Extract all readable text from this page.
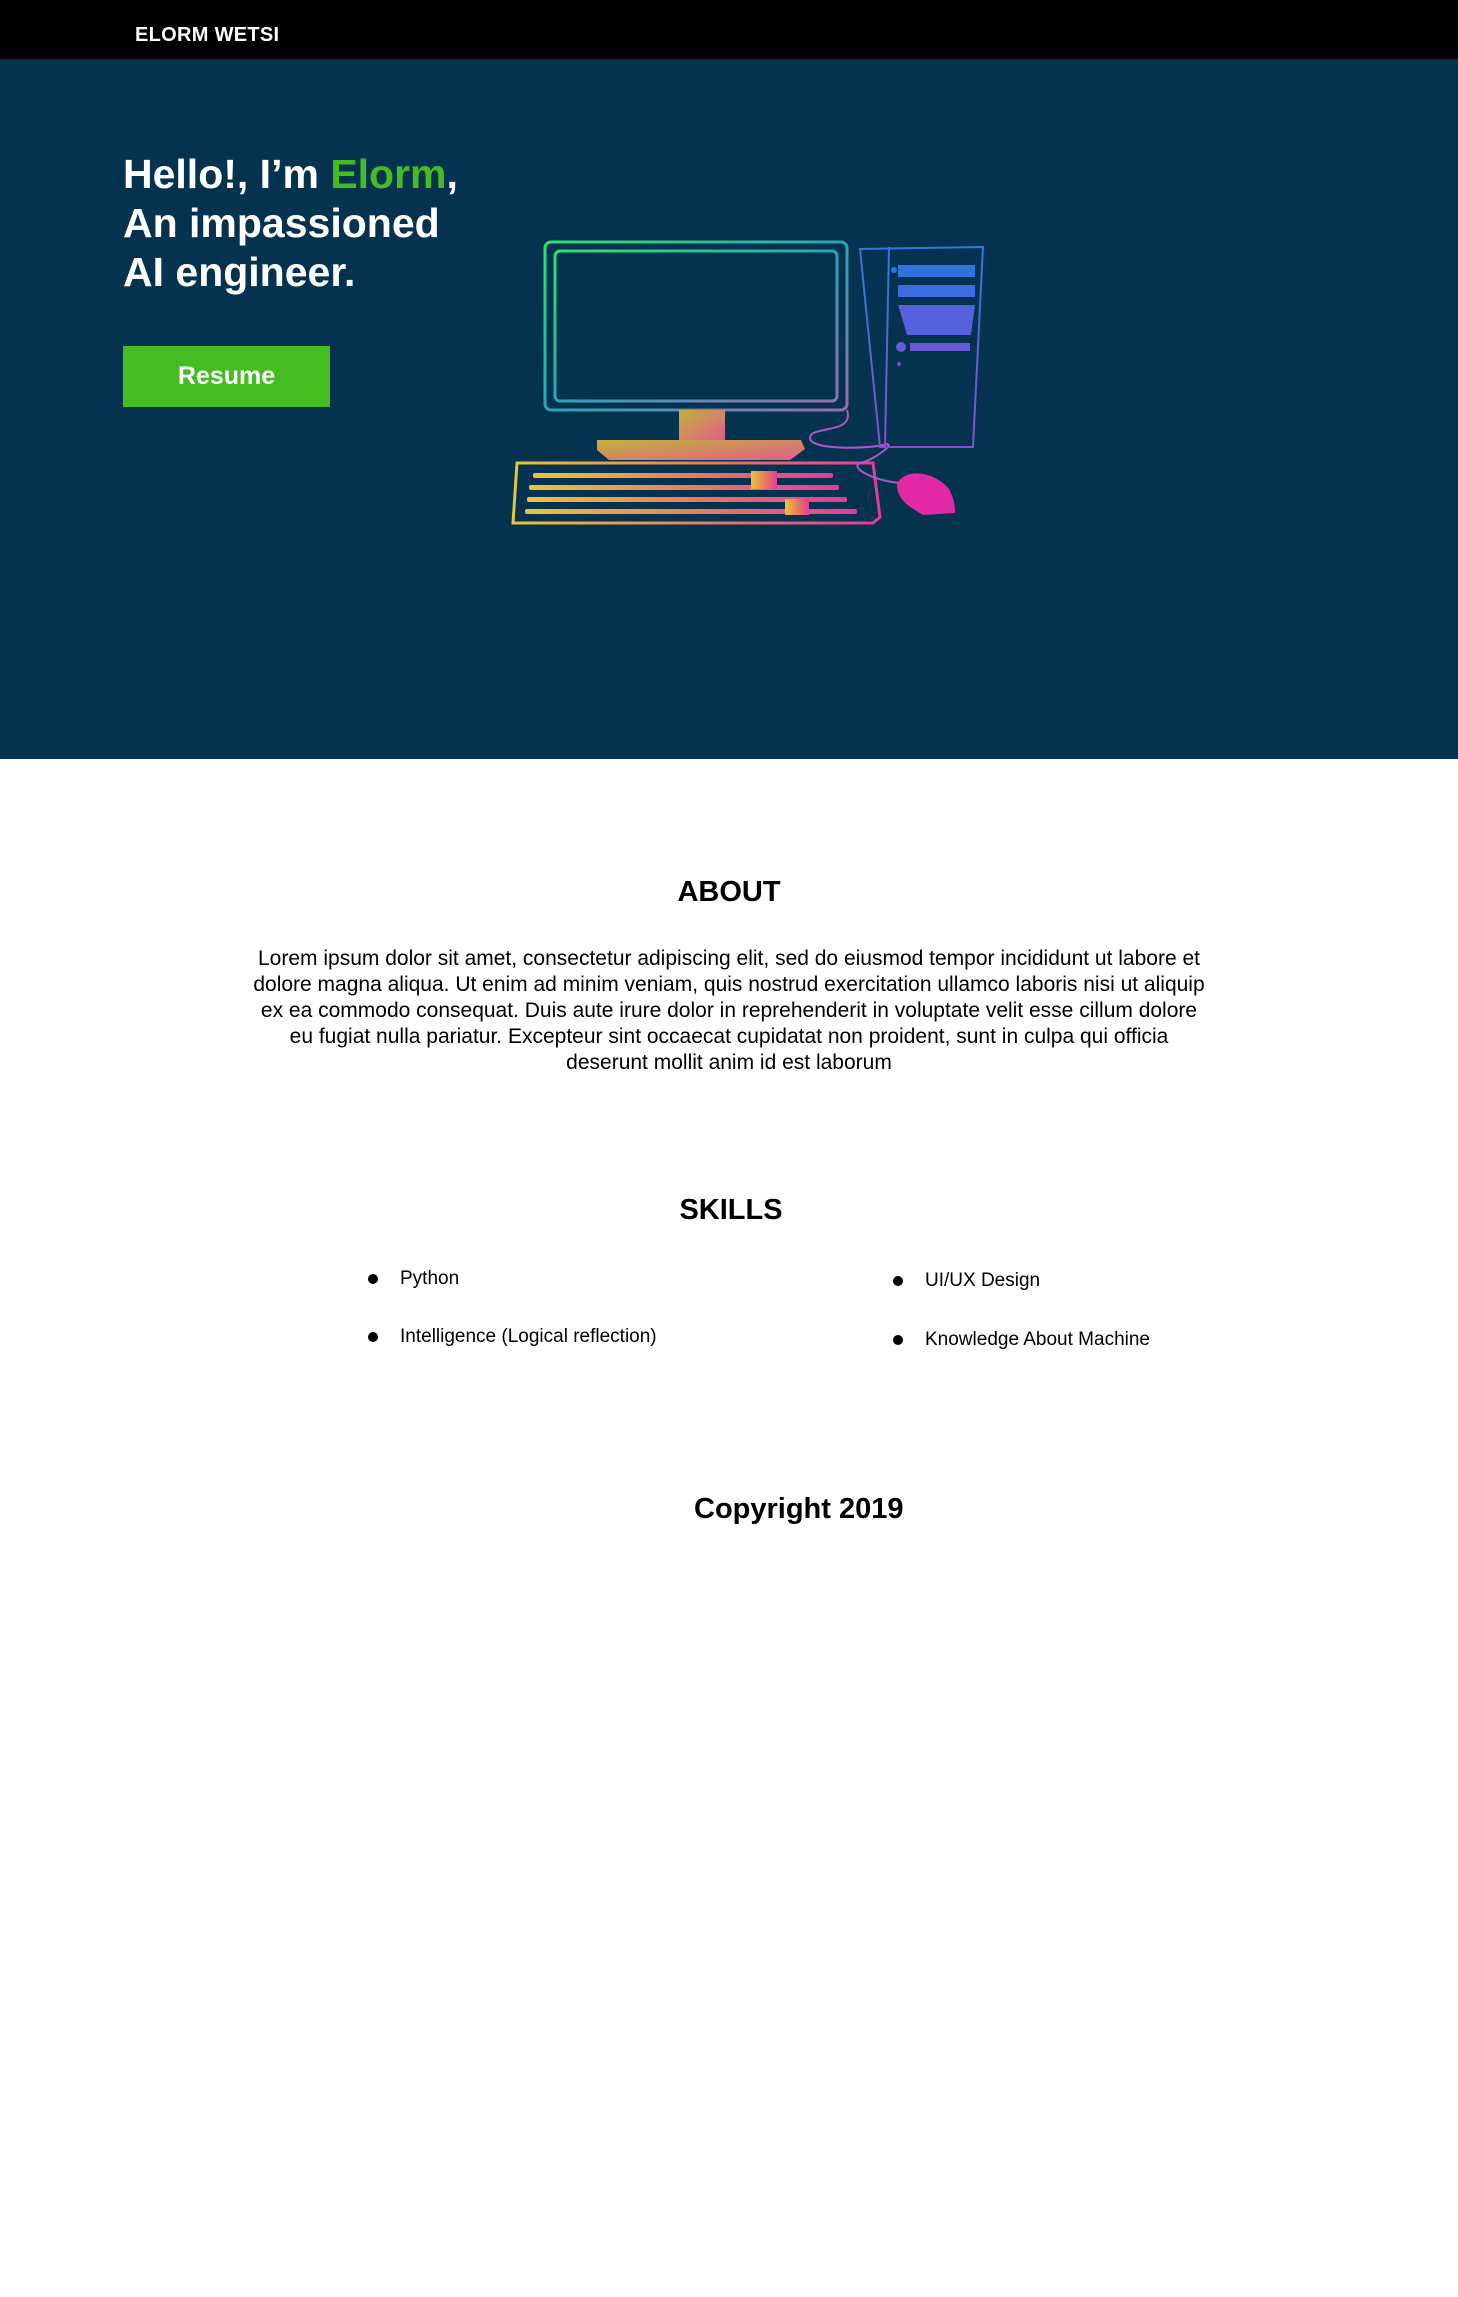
ELORM WETSI
Hello!, I’m Elorm,
An impassioned
AI engineer.
Resume
ABOUT

Lorem ipsum dolor sit amet, consectetur adipiscing elit, sed do eiusmod tempor incididunt ut labore et dolore magna aliqua. Ut enim ad minim veniam, quis nostrud exercitation ullamco laboris nisi ut aliquip ex ea commodo consequat. Duis aute irure dolor in reprehenderit in voluptate velit esse cillum dolore eu fugiat nulla pariatur. Excepteur sint occaecat cupidatat non proident, sunt in culpa qui officia deserunt mollit anim id est laborum

SKILLS
Python
Intelligence (Logical reflection)
UI/UX Design
Knowledge About Machine

Copyright 2019
